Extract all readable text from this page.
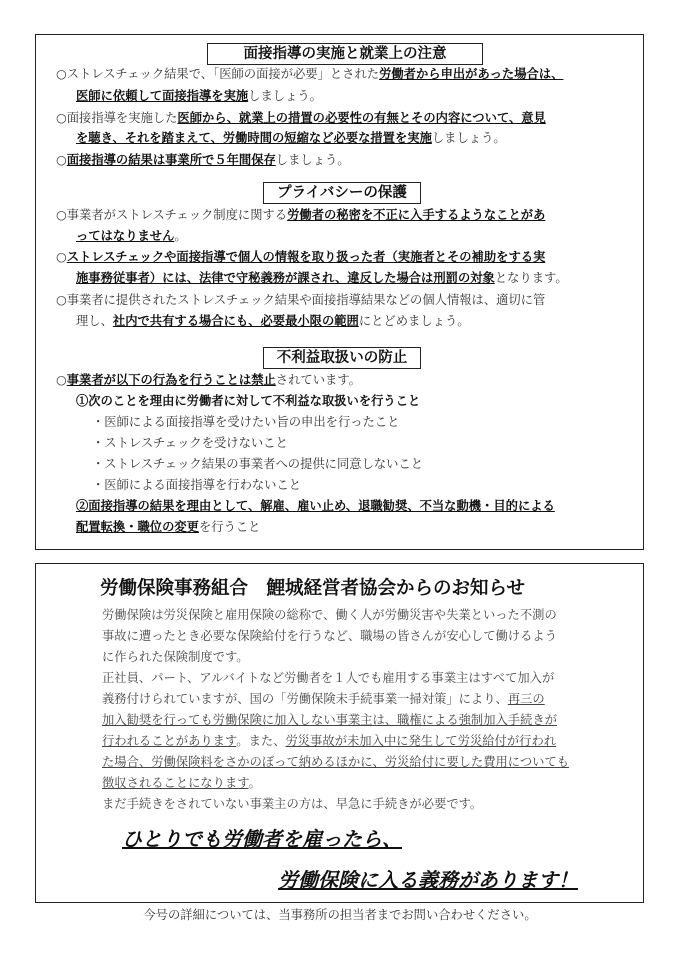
面接指導の実施と就業上の注意
○ストレスチェック結果で、「医師の面接が必要」とされた労働者から申出があった場合は、
医師に依頼して面接指導を実施しましょう。
○面接指導を実施した医師から、就業上の措置の必要性の有無とその内容について、意見
を聴き、それを踏まえて、労働時間の短縮など必要な措置を実施しましょう。
○面接指導の結果は事業所で５年間保存しましょう。
プライバシーの保護
○事業者がストレスチェック制度に関する労働者の秘密を不正に入手するようなことがあ
ってはなりません。
○ストレスチェックや面接指導で個人の情報を取り扱った者（実施者とその補助をする実
施事務従事者）には、法律で守秘義務が課され、違反した場合は刑罰の対象となります。
○事業者に提供されたストレスチェック結果や面接指導結果などの個人情報は、適切に管
理し、社内で共有する場合にも、必要最小限の範囲にとどめましょう。
不利益取扱いの防止
○事業者が以下の行為を行うことは禁止されています。
①次のことを理由に労働者に対して不利益な取扱いを行うこと
・医師による面接指導を受けたい旨の申出を行ったこと
・ストレスチェックを受けないこと
・ストレスチェック結果の事業者への提供に同意しないこと
・医師による面接指導を行わないこと
②面接指導の結果を理由として、解雇、雇い止め、退職勧奨、不当な動機・目的による
配置転換・職位の変更を行うこと
労働保険事務組合　鯉城経営者協会からのお知らせ
労働保険は労災保険と雇用保険の総称で、働く人が労働災害や失業といった不測の
事故に遭ったとき必要な保険給付を行うなど、職場の皆さんが安心して働けるよう
に作られた保険制度です。
正社員、パート、アルバイトなど労働者を１人でも雇用する事業主はすべて加入が
義務付けられていますが、国の「労働保険未手続事業一掃対策」により、再三の
加入勧奨を行っても労働保険に加入しない事業主は、職権による強制加入手続きが
行われることがあります。また、労災事故が未加入中に発生して労災給付が行われ
た場合、労働保険料をさかのぼって納めるほかに、労災給付に要した費用についても
徴収されることになります。
まだ手続きをされていない事業主の方は、早急に手続きが必要です。
ひとりでも労働者を雇ったら、
労働保険に入る義務があります！
今号の詳細については、当事務所の担当者までお問い合わせください。
